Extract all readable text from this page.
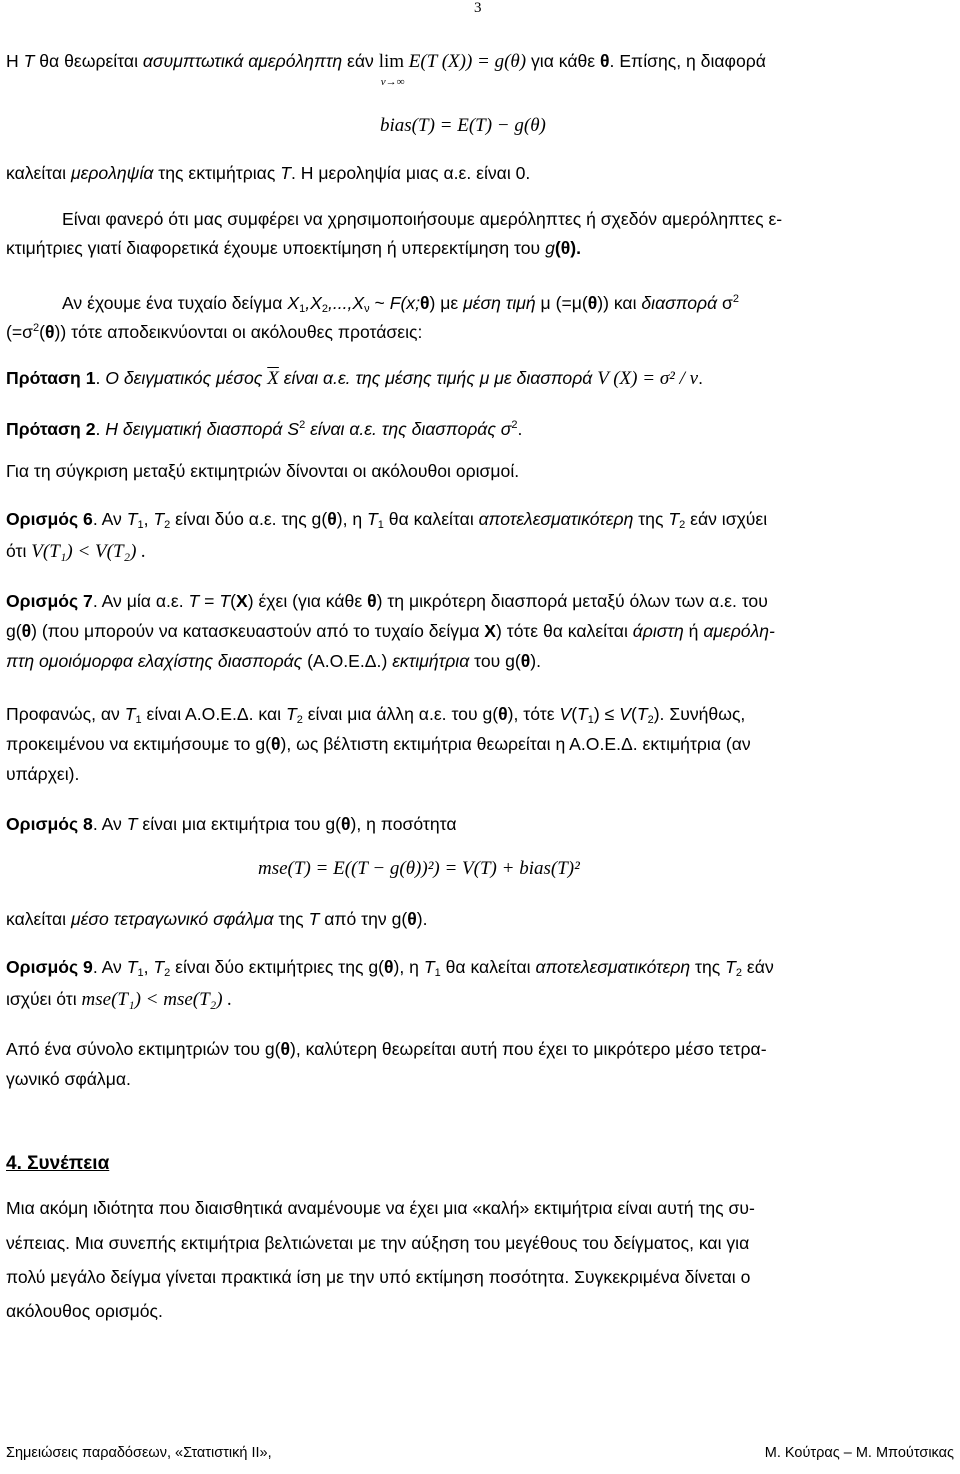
3
Η T θα θεωρείται ασυμπτωτικά αμερόληπτη εάν lim
ν→∞
E(T (X)) = g(θ) για κάθε θ. Επίσης, η διαφορά
bias(T) = E(T) − g(θ)
καλείται μεροληψία της εκτιμήτριας T. Η μεροληψία μιας α.ε. είναι 0.
Είναι φανερό ότι μας συμφέρει να χρησιμοποιήσουμε αμερόληπτες ή σχεδόν αμερόληπτες ε-
κτιμήτριες γιατί διαφορετικά έχουμε υποεκτίμηση ή υπερεκτίμηση του g(θ).
Αν έχουμε ένα τυχαίο δείγμα $X_1,X_2,...,X_\nu$ ~ F(x;θ) με μέση τιμή μ (=μ(θ)) και διασπορά $\sigma^2$
$(=\sigma^2(\theta))$ τότε αποδεικνύονται οι ακόλουθες προτάσεις:
Πρόταση 1. Ο δειγματικός μέσος $\overline{X}$ είναι α.ε. της μέσης τιμής μ με διασπορά V (X) = σ² / ν.
Πρόταση 2. Η δειγματική διασπορά $S^2$ είναι α.ε. της διασποράς $\sigma^2$.
Για τη σύγκριση μεταξύ εκτιμητριών δίνονται οι ακόλουθοι ορισμοί.
Ορισμός 6. Αν $T_1$, $T_2$ είναι δύο α.ε. της g(θ), η $T_1$ θα καλείται αποτελεσματικότερη της $T_2$ εάν ισχύει
ότι V(T₁) < V(T₂) .
Ορισμός 7. Αν μία α.ε. T = T(X) έχει (για κάθε θ) τη μικρότερη διασπορά μεταξύ όλων των α.ε. του
g(θ) (που μπορούν να κατασκευαστούν από το τυχαίο δείγμα X) τότε θα καλείται άριστη ή αμερόλη-
πτη ομοιόμορφα ελαχίστης διασποράς (Α.Ο.Ε.Δ.) εκτιμήτρια του g(θ).
Προφανώς, αν $T_1$ είναι Α.Ο.Ε.Δ. και $T_2$ είναι μια άλλη α.ε. του g(θ), τότε $V(T_1) \le V(T_2)$. Συνήθως,
προκειμένου να εκτιμήσουμε το g(θ), ως βέλτιστη εκτιμήτρια θεωρείται η Α.Ο.Ε.Δ. εκτιμήτρια (αν
υπάρχει).
Ορισμός 8. Αν T είναι μια εκτιμήτρια του g(θ), η ποσότητα
mse(T) = E((T − g(θ))²) = V(T) + bias(T)²
καλείται μέσο τετραγωνικό σφάλμα της T από την g(θ).
Ορισμός 9. Αν $T_1$, $T_2$ είναι δύο εκτιμήτριες της g(θ), η $T_1$ θα καλείται αποτελεσματικότερη της $T_2$ εάν
ισχύει ότι mse(T₁) < mse(T₂) .
Από ένα σύνολο εκτιμητριών του g(θ), καλύτερη θεωρείται αυτή που έχει το μικρότερο μέσο τετρα-
γωνικό σφάλμα.
4. Συνέπεια
Μια ακόμη ιδιότητα που διαισθητικά αναμένουμε να έχει μια «καλή» εκτιμήτρια είναι αυτή της συ-
νέπειας. Μια συνεπής εκτιμήτρια βελτιώνεται με την αύξηση του μεγέθους του δείγματος, και για
πολύ μεγάλο δείγμα γίνεται πρακτικά ίση με την υπό εκτίμηση ποσότητα. Συγκεκριμένα δίνεται ο
ακόλουθος ορισμός.
Σημειώσεις παραδόσεων, «Στατιστική ΙΙ»,	Μ. Κούτρας – Μ. Μπούτσικας
